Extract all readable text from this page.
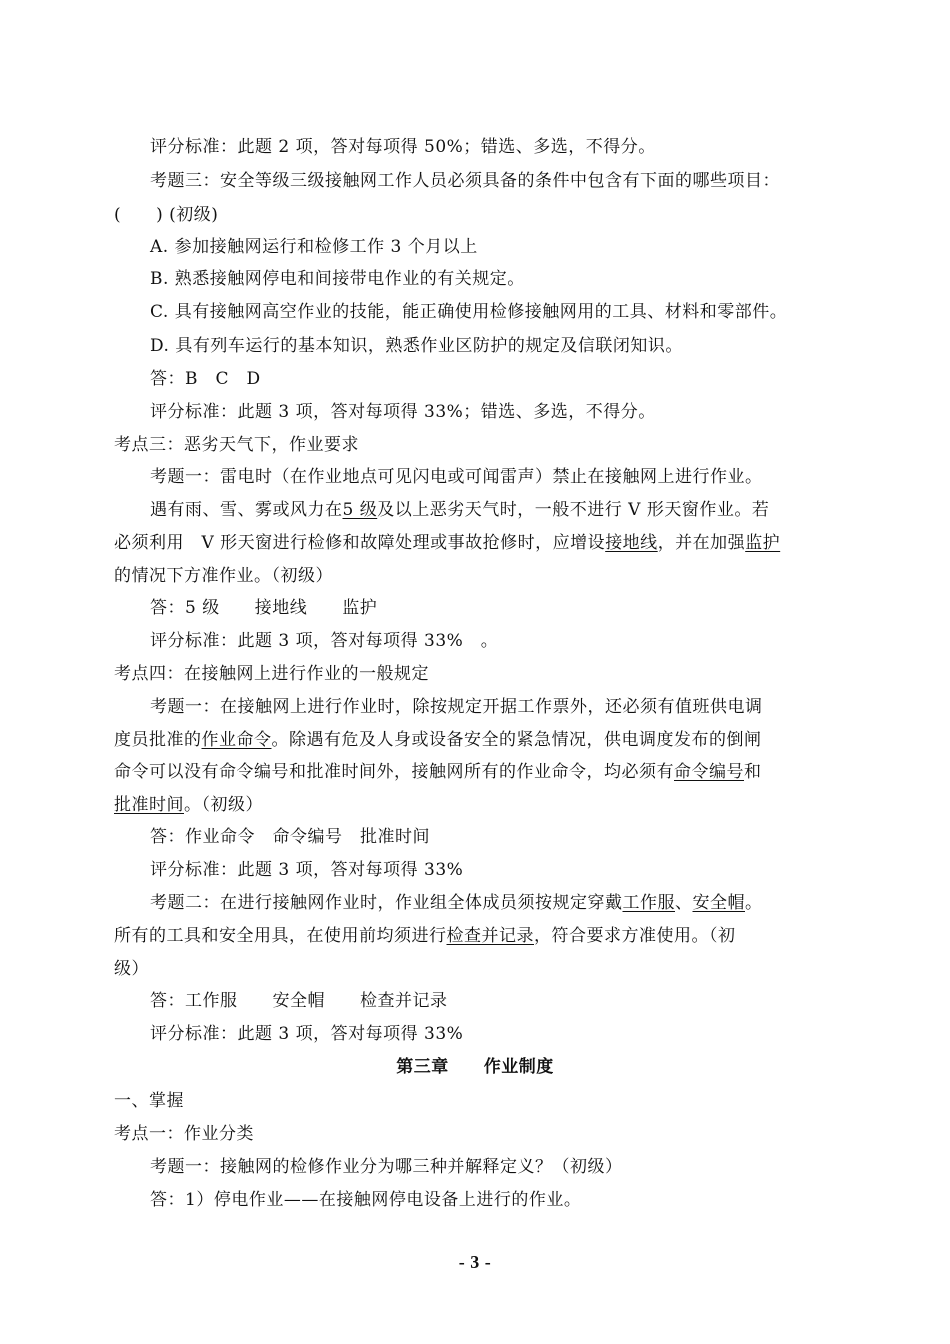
评分标准：此题 2 项，答对每项得 50%；错选、多选，不得分。
考题三：安全等级三级接触网工作人员必须具备的条件中包含有下面的哪些项目：
(　　) (初级)
A. 参加接触网运行和检修工作 3 个月以上
B. 熟悉接触网停电和间接带电作业的有关规定。
C. 具有接触网高空作业的技能，能正确使用检修接触网用的工具、材料和零部件。
D. 具有列车运行的基本知识，熟悉作业区防护的规定及信联闭知识。
答：B　C　D
评分标准：此题 3 项，答对每项得 33%；错选、多选，不得分。
考点三：恶劣天气下，作业要求
考题一：雷电时（在作业地点可见闪电或可闻雷声）禁止在接触网上进行作业。
遇有雨、雪、雾或风力在5 级及以上恶劣天气时，一般不进行 V 形天窗作业。若
必须利用　V 形天窗进行检修和故障处理或事故抢修时，应增设接地线，并在加强监护
的情况下方准作业。（初级）
答：5 级　　接地线　　监护
评分标准：此题 3 项，答对每项得 33%　。
考点四：在接触网上进行作业的一般规定
考题一：在接触网上进行作业时，除按规定开据工作票外，还必须有值班供电调
度员批准的作业命令。除遇有危及人身或设备安全的紧急情况，供电调度发布的倒闸
命令可以没有命令编号和批准时间外，接触网所有的作业命令，均必须有命令编号和
批准时间。（初级）
答：作业命令　命令编号　批准时间
评分标准：此题 3 项，答对每项得 33%
考题二：在进行接触网作业时，作业组全体成员须按规定穿戴工作服、安全帽。
所有的工具和安全用具，在使用前均须进行检查并记录，符合要求方准使用。（初
级）
答：工作服　　安全帽　　检查并记录
评分标准：此题 3 项，答对每项得 33%
第三章　　作业制度
一、掌握
考点一：作业分类
考题一：接触网的检修作业分为哪三种并解释定义？（初级）
答：1）停电作业——在接触网停电设备上进行的作业。
- 3 -
